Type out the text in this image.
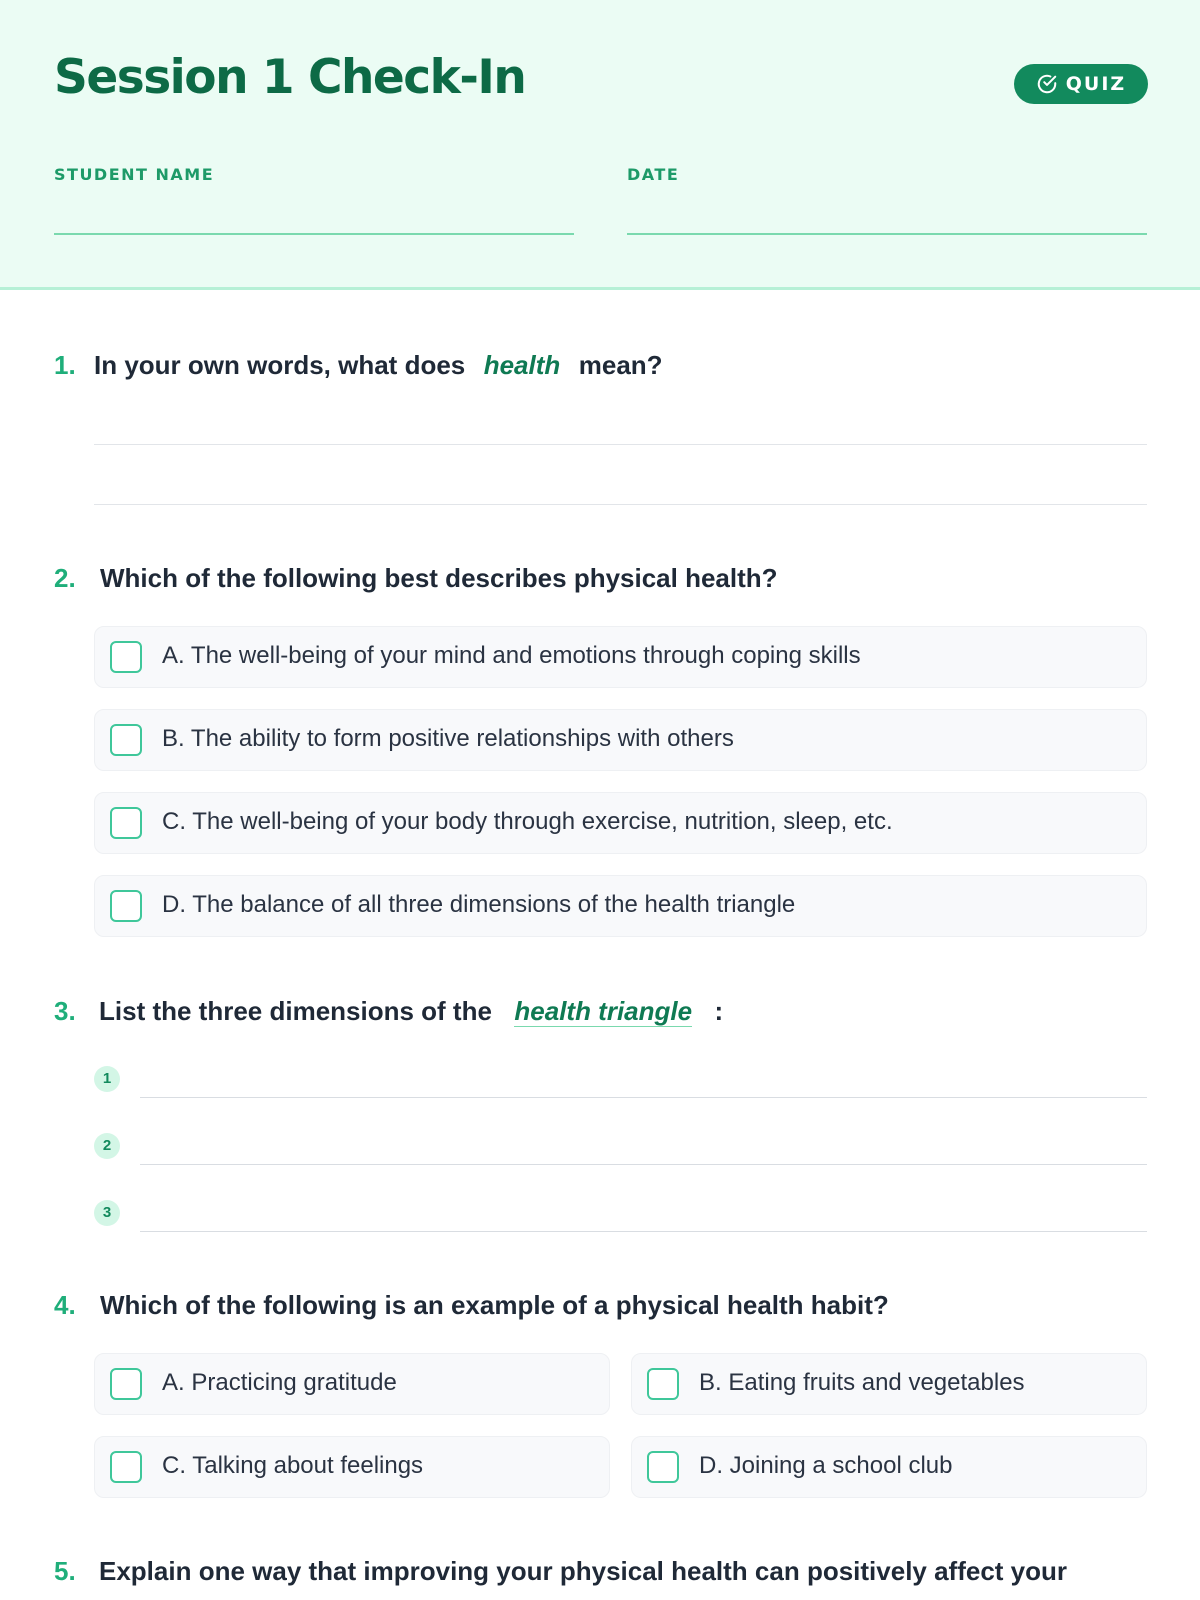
Session 1 Check-In	QUIZ
STUDENT NAME	DATE
1. In your own words, what does health mean?
2. Which of the following best describes physical health?
A. The well-being of your mind and emotions through coping skills
B. The ability to form positive relationships with others
C. The well-being of your body through exercise, nutrition, sleep, etc.
D. The balance of all three dimensions of the health triangle
3. List the three dimensions of the health triangle :
1
2
3
4. Which of the following is an example of a physical health habit?
A. Practicing gratitude	B. Eating fruits and vegetables
C. Talking about feelings	D. Joining a school club
5. Explain one way that improving your physical health can positively affect your
